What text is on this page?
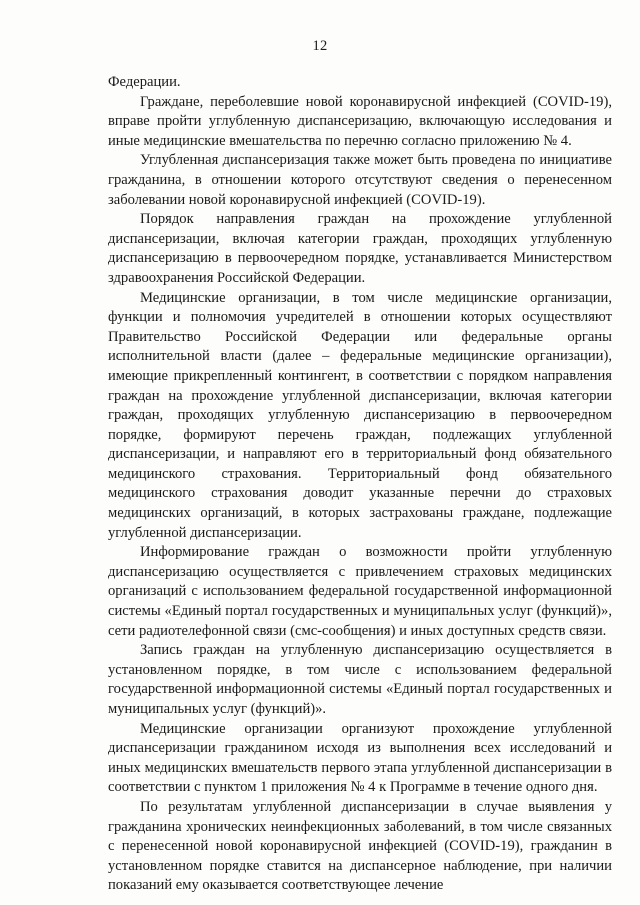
12

Федерации.

Граждане, переболевшие новой коронавирусной инфекцией (COVID-19), вправе пройти углубленную диспансеризацию, включающую исследования и иные медицинские вмешательства по перечню согласно приложению № 4.

Углубленная диспансеризация также может быть проведена по инициативе гражданина, в отношении которого отсутствуют сведения о перенесенном заболевании новой коронавирусной инфекцией (COVID-19).

Порядок направления граждан на прохождение углубленной диспансеризации, включая категории граждан, проходящих углубленную диспансеризацию в первоочередном порядке, устанавливается Министерством здравоохранения Российской Федерации.

Медицинские организации, в том числе медицинские организации, функции и полномочия учредителей в отношении которых осуществляют Правительство Российской Федерации или федеральные органы исполнительной власти (далее – федеральные медицинские организации), имеющие прикрепленный контингент, в соответствии с порядком направления граждан на прохождение углубленной диспансеризации, включая категории граждан, проходящих углубленную диспансеризацию в первоочередном порядке, формируют перечень граждан, подлежащих углубленной диспансеризации, и направляют его в территориальный фонд обязательного медицинского страхования. Территориальный фонд обязательного медицинского страхования доводит указанные перечни до страховых медицинских организаций, в которых застрахованы граждане, подлежащие углубленной диспансеризации.

Информирование граждан о возможности пройти углубленную диспансеризацию осуществляется с привлечением страховых медицинских организаций с использованием федеральной государственной информационной системы «Единый портал государственных и муниципальных услуг (функций)», сети радиотелефонной связи (смс-сообщения) и иных доступных средств связи.

Запись граждан на углубленную диспансеризацию осуществляется в установленном порядке, в том числе с использованием федеральной государственной информационной системы «Единый портал государственных и муниципальных услуг (функций)».

Медицинские организации организуют прохождение углубленной диспансеризации гражданином исходя из выполнения всех исследований и иных медицинских вмешательств первого этапа углубленной диспансеризации в соответствии с пунктом 1 приложения № 4 к Программе в течение одного дня.

По результатам углубленной диспансеризации в случае выявления у гражданина хронических неинфекционных заболеваний, в том числе связанных с перенесенной новой коронавирусной инфекцией (COVID-19), гражданин в установленном порядке ставится на диспансерное наблюдение, при наличии показаний ему оказывается соответствующее лечение
